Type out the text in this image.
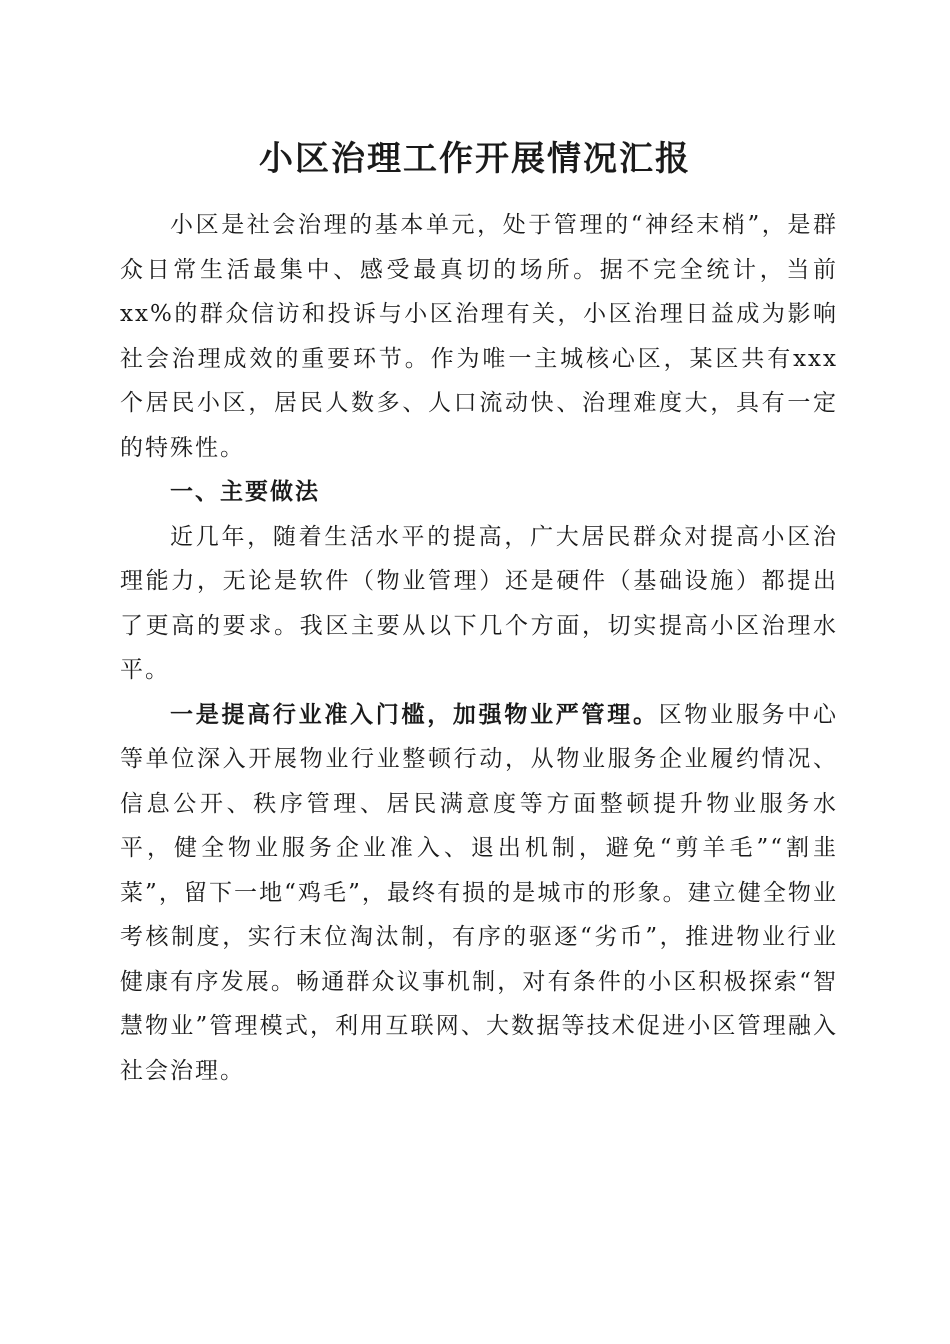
小区治理工作开展情况汇报

小区是社会治理的基本单元，处于管理的“神经末梢”，是群众日常生活最集中、感受最真切的场所。据不完全统计，当前xx%的群众信访和投诉与小区治理有关，小区治理日益成为影响社会治理成效的重要环节。作为唯一主城核心区，某区共有xxx个居民小区，居民人数多、人口流动快、治理难度大，具有一定的特殊性。

一、主要做法

近几年，随着生活水平的提高，广大居民群众对提高小区治理能力，无论是软件（物业管理）还是硬件（基础设施）都提出了更高的要求。我区主要从以下几个方面，切实提高小区治理水平。

一是提高行业准入门槛，加强物业严管理。区物业服务中心等单位深入开展物业行业整顿行动，从物业服务企业履约情况、信息公开、秩序管理、居民满意度等方面整顿提升物业服务水平，健全物业服务企业准入、退出机制，避免“剪羊毛”“割韭菜”，留下一地“鸡毛”，最终有损的是城市的形象。建立健全物业考核制度，实行末位淘汰制，有序的驱逐“劣币”，推进物业行业健康有序发展。畅通群众议事机制，对有条件的小区积极探索“智慧物业”管理模式，利用互联网、大数据等技术促进小区管理融入社会治理。
